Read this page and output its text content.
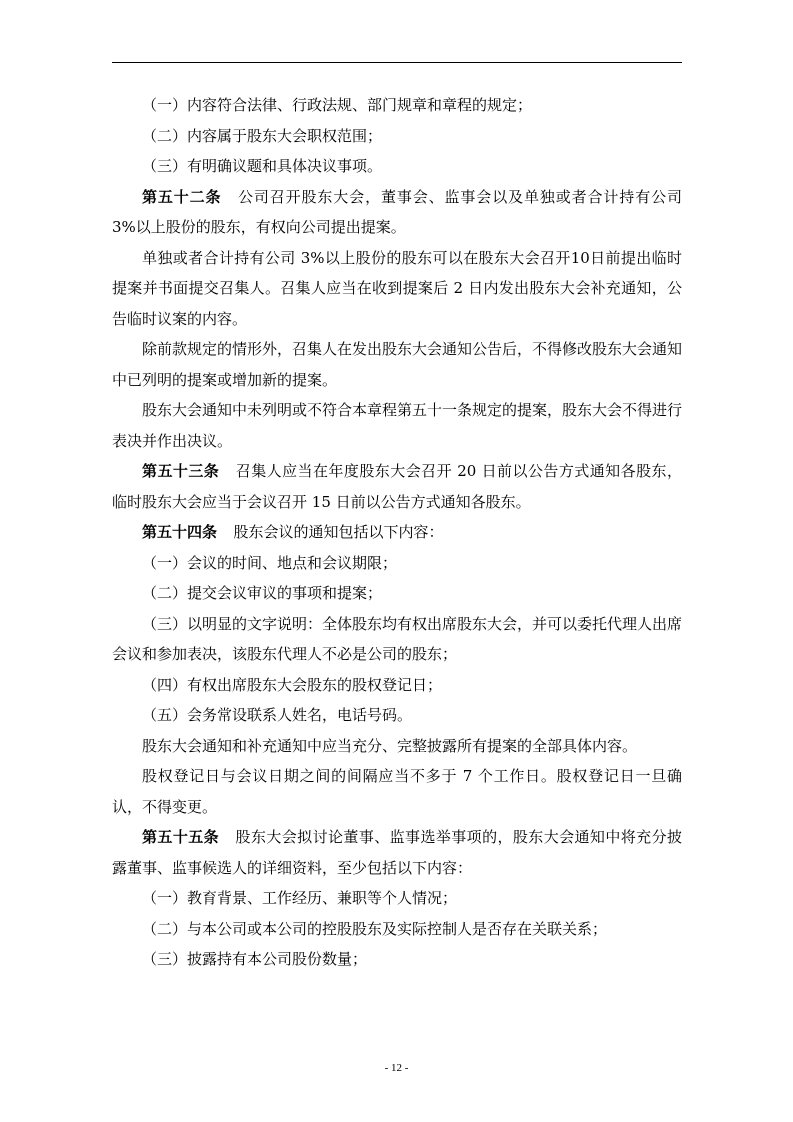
（一）内容符合法律、行政法规、部门规章和章程的规定；

（二）内容属于股东大会职权范围；

（三）有明确议题和具体决议事项。

第五十二条 公司召开股东大会，董事会、监事会以及单独或者合计持有公司 3%以上股份的股东，有权向公司提出提案。

单独或者合计持有公司 3%以上股份的股东可以在股东大会召开10日前提出临时提案并书面提交召集人。召集人应当在收到提案后 2 日内发出股东大会补充通知，公告临时议案的内容。

除前款规定的情形外，召集人在发出股东大会通知公告后，不得修改股东大会通知中已列明的提案或增加新的提案。

股东大会通知中未列明或不符合本章程第五十一条规定的提案，股东大会不得进行表决并作出决议。

第五十三条 召集人应当在年度股东大会召开 20 日前以公告方式通知各股东，临时股东大会应当于会议召开 15 日前以公告方式通知各股东。

第五十四条 股东会议的通知包括以下内容：

（一）会议的时间、地点和会议期限；

（二）提交会议审议的事项和提案；

（三）以明显的文字说明：全体股东均有权出席股东大会，并可以委托代理人出席会议和参加表决，该股东代理人不必是公司的股东；

（四）有权出席股东大会股东的股权登记日；

（五）会务常设联系人姓名，电话号码。

股东大会通知和补充通知中应当充分、完整披露所有提案的全部具体内容。

股权登记日与会议日期之间的间隔应当不多于 7 个工作日。股权登记日一旦确认，不得变更。

第五十五条 股东大会拟讨论董事、监事选举事项的，股东大会通知中将充分披露董事、监事候选人的详细资料，至少包括以下内容：

（一）教育背景、工作经历、兼职等个人情况；

（二）与本公司或本公司的控股股东及实际控制人是否存在关联关系；

（三）披露持有本公司股份数量；

- 12 -
